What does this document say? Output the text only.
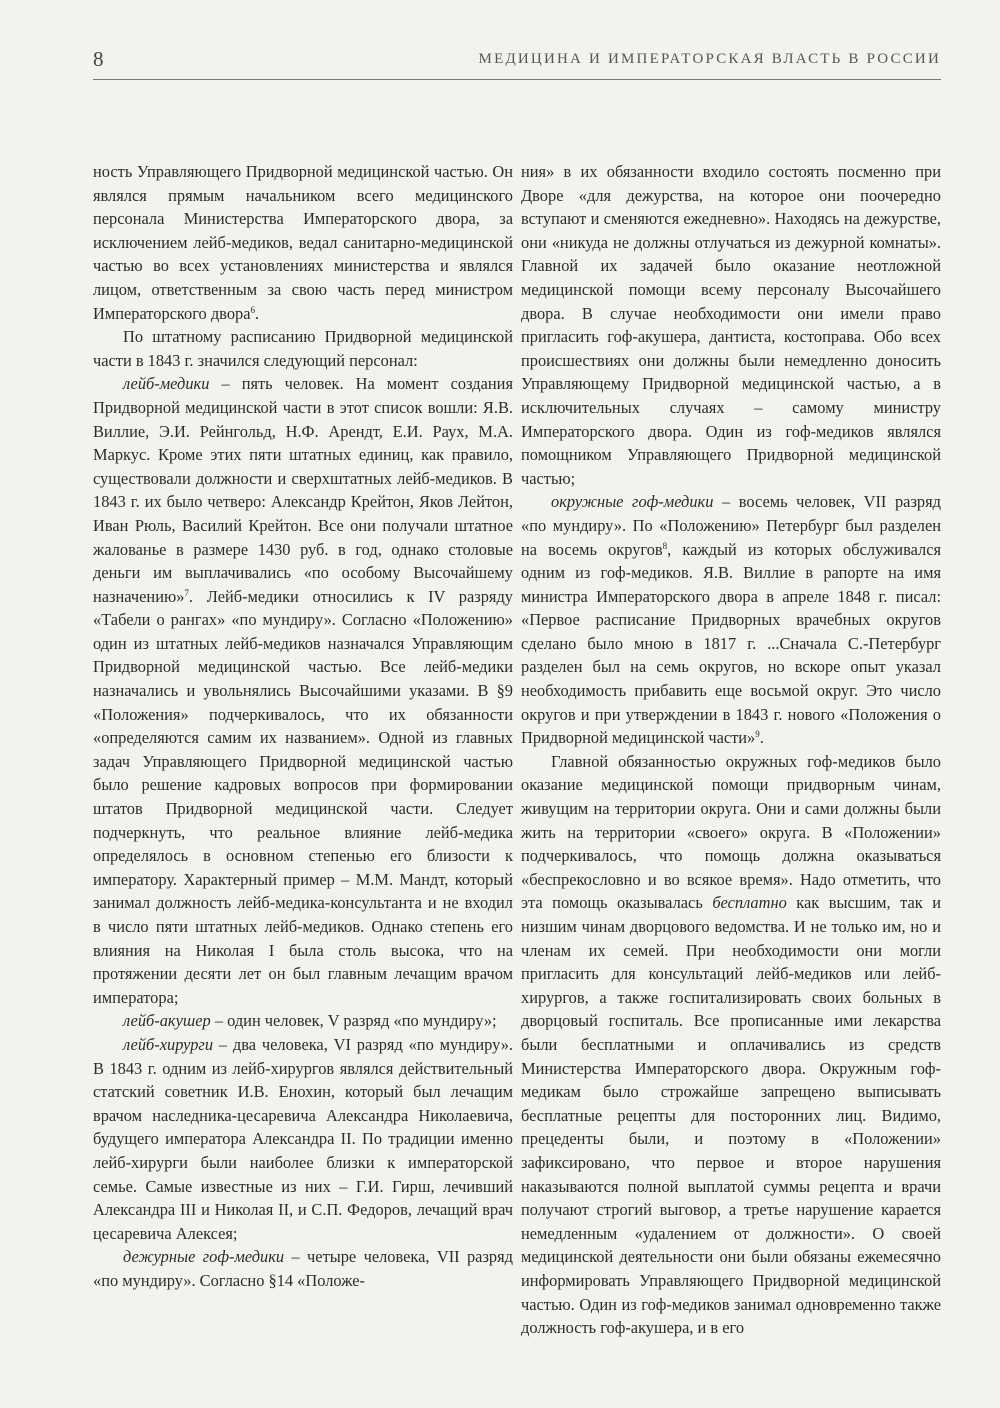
8	МЕДИЦИНА И ИМПЕРАТОРСКАЯ ВЛАСТЬ В РОССИИ

ность Управляющего Придворной медицинской частью. Он являлся прямым начальником всего медицинского персонала Министерства Императорского двора, за исключением лейб-медиков, ведал санитарно-медицинской частью во всех установлениях министерства и являлся лицом, ответственным за свою часть перед министром Императорского двора$^6$.

По штатному расписанию Придворной медицинской части в 1843 г. значился следующий персонал:

лейб-медики – пять человек. На момент создания Придворной медицинской части в этот список вошли: Я.В. Виллие, Э.И. Рейнгольд, Н.Ф. Арендт, Е.И. Раух, М.А. Маркус. Кроме этих пяти штатных единиц, как правило, существовали должности и сверхштатных лейб-медиков. В 1843 г. их было четверо: Александр Крейтон, Яков Лейтон, Иван Рюль, Василий Крейтон. Все они получали штатное жалованье в размере 1430 руб. в год, однако столовые деньги им выплачивались «по особому Высочайшему назначению»$^7$. Лейб-медики относились к IV разряду «Табели о рангах» «по мундиру». Согласно «Положению» один из штатных лейб-медиков назначался Управляющим Придворной медицинской частью. Все лейб-медики назначались и увольнялись Высочайшими указами. В §9 «Положения» подчеркивалось, что их обязанности «определяются самим их названием». Одной из главных задач Управляющего Придворной медицинской частью было решение кадровых вопросов при формировании штатов Придворной медицинской части. Следует подчеркнуть, что реальное влияние лейб-медика определялось в основном степенью его близости к императору. Характерный пример – М.М. Мандт, который занимал должность лейб-медика-консультанта и не входил в число пяти штатных лейб-медиков. Однако степень его влияния на Николая I была столь высока, что на протяжении десяти лет он был главным лечащим врачом императора;

лейб-акушер – один человек, V разряд «по мундиру»;

лейб-хирурги – два человека, VI разряд «по мундиру». В 1843 г. одним из лейб-хирургов являлся действительный статский советник И.В. Енохин, который был лечащим врачом наследника-цесаревича Александра Николаевича, будущего императора Александра II. По традиции именно лейб-хирурги были наиболее близки к императорской семье. Самые известные из них – Г.И. Гирш, лечивший Александра III и Николая II, и С.П. Федоров, лечащий врач цесаревича Алексея;

дежурные гоф-медики – четыре человека, VII разряд «по мундиру». Согласно §14 «Положе-

ния» в их обязанности входило состоять посменно при Дворе «для дежурства, на которое они поочередно вступают и сменяются ежедневно». Находясь на дежурстве, они «никуда не должны отлучаться из дежурной комнаты». Главной их задачей было оказание неотложной медицинской помощи всему персоналу Высочайшего двора. В случае необходимости они имели право пригласить гоф-акушера, дантиста, костоправа. Обо всех происшествиях они должны были немедленно доносить Управляющему Придворной медицинской частью, а в исключительных случаях – самому министру Императорского двора. Один из гоф-медиков являлся помощником Управляющего Придворной медицинской частью;

окружные гоф-медики – восемь человек, VII разряд «по мундиру». По «Положению» Петербург был разделен на восемь округов$^8$, каждый из которых обслуживался одним из гоф-медиков. Я.В. Виллие в рапорте на имя министра Императорского двора в апреле 1848 г. писал: «Первое расписание Придворных врачебных округов сделано было мною в 1817 г. ...Сначала С.-Петербург разделен был на семь округов, но вскоре опыт указал необходимость прибавить еще восьмой округ. Это число округов и при утверждении в 1843 г. нового «Положения о Придворной медицинской части»$^9$.

Главной обязанностью окружных гоф-медиков было оказание медицинской помощи придворным чинам, живущим на территории округа. Они и сами должны были жить на территории «своего» округа. В «Положении» подчеркивалось, что помощь должна оказываться «беспрекословно и во всякое время». Надо отметить, что эта помощь оказывалась бесплатно как высшим, так и низшим чинам дворцового ведомства. И не только им, но и членам их семей. При необходимости они могли пригласить для консультаций лейб-медиков или лейб-хирургов, а также госпитализировать своих больных в дворцовый госпиталь. Все прописанные ими лекарства были бесплатными и оплачивались из средств Министерства Императорского двора. Окружным гоф-медикам было строжайше запрещено выписывать бесплатные рецепты для посторонних лиц. Видимо, прецеденты были, и поэтому в «Положении» зафиксировано, что первое и второе нарушения наказываются полной выплатой суммы рецепта и врачи получают строгий выговор, а третье нарушение карается немедленным «удалением от должности». О своей медицинской деятельности они были обязаны ежемесячно информировать Управляющего Придворной медицинской частью. Один из гоф-медиков занимал одновременно также должность гоф-акушера, и в его
